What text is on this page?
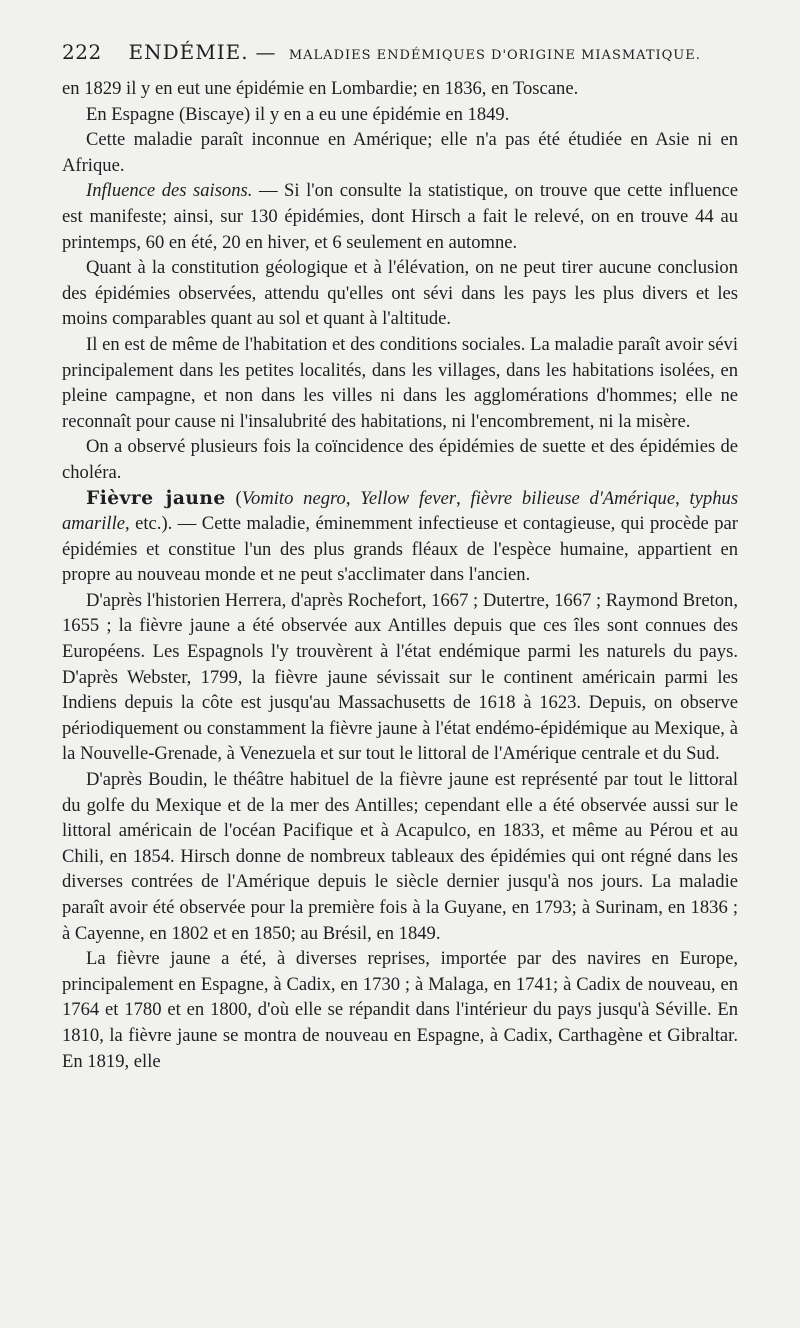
222 ENDÉMIE. — MALADIES ENDÉMIQUES D'ORIGINE MIASMATIQUE.

en 1829 il y en eut une épidémie en Lombardie; en 1836, en Toscane.

En Espagne (Biscaye) il y en a eu une épidémie en 1849.

Cette maladie paraît inconnue en Amérique; elle n'a pas été étudiée en Asie ni en Afrique.

Influence des saisons. — Si l'on consulte la statistique, on trouve que cette influence est manifeste; ainsi, sur 130 épidémies, dont Hirsch a fait le relevé, on en trouve 44 au printemps, 60 en été, 20 en hiver, et 6 seulement en automne.

Quant à la constitution géologique et à l'élévation, on ne peut tirer aucune conclusion des épidémies observées, attendu qu'elles ont sévi dans les pays les plus divers et les moins comparables quant au sol et quant à l'altitude.

Il en est de même de l'habitation et des conditions sociales. La maladie paraît avoir sévi principalement dans les petites localités, dans les villages, dans les habitations isolées, en pleine campagne, et non dans les villes ni dans les agglomérations d'hommes; elle ne reconnaît pour cause ni l'insalubrité des habitations, ni l'encombrement, ni la misère.

On a observé plusieurs fois la coïncidence des épidémies de suette et des épidémies de choléra.

Fièvre jaune (Vomito negro, Yellow fever, fièvre bilieuse d'Amérique, typhus amarille, etc.). — Cette maladie, éminemment infectieuse et contagieuse, qui procède par épidémies et constitue l'un des plus grands fléaux de l'espèce humaine, appartient en propre au nouveau monde et ne peut s'acclimater dans l'ancien.

D'après l'historien Herrera, d'après Rochefort, 1667 ; Dutertre, 1667 ; Raymond Breton, 1655 ; la fièvre jaune a été observée aux Antilles depuis que ces îles sont connues des Européens. Les Espagnols l'y trouvèrent à l'état endémique parmi les naturels du pays. D'après Webster, 1799, la fièvre jaune sévissait sur le continent américain parmi les Indiens depuis la côte est jusqu'au Massachusetts de 1618 à 1623. Depuis, on observe périodiquement ou constamment la fièvre jaune à l'état endémo-épidémique au Mexique, à la Nouvelle-Grenade, à Venezuela et sur tout le littoral de l'Amérique centrale et du Sud.

D'après Boudin, le théâtre habituel de la fièvre jaune est représenté par tout le littoral du golfe du Mexique et de la mer des Antilles; cependant elle a été observée aussi sur le littoral américain de l'océan Pacifique et à Acapulco, en 1833, et même au Pérou et au Chili, en 1854. Hirsch donne de nombreux tableaux des épidémies qui ont régné dans les diverses contrées de l'Amérique depuis le siècle dernier jusqu'à nos jours. La maladie paraît avoir été observée pour la première fois à la Guyane, en 1793; à Surinam, en 1836 ; à Cayenne, en 1802 et en 1850; au Brésil, en 1849.

La fièvre jaune a été, à diverses reprises, importée par des navires en Europe, principalement en Espagne, à Cadix, en 1730 ; à Malaga, en 1741; à Cadix de nouveau, en 1764 et 1780 et en 1800, d'où elle se répandit dans l'intérieur du pays jusqu'à Séville. En 1810, la fièvre jaune se montra de nouveau en Espagne, à Cadix, Carthagène et Gibraltar. En 1819, elle
